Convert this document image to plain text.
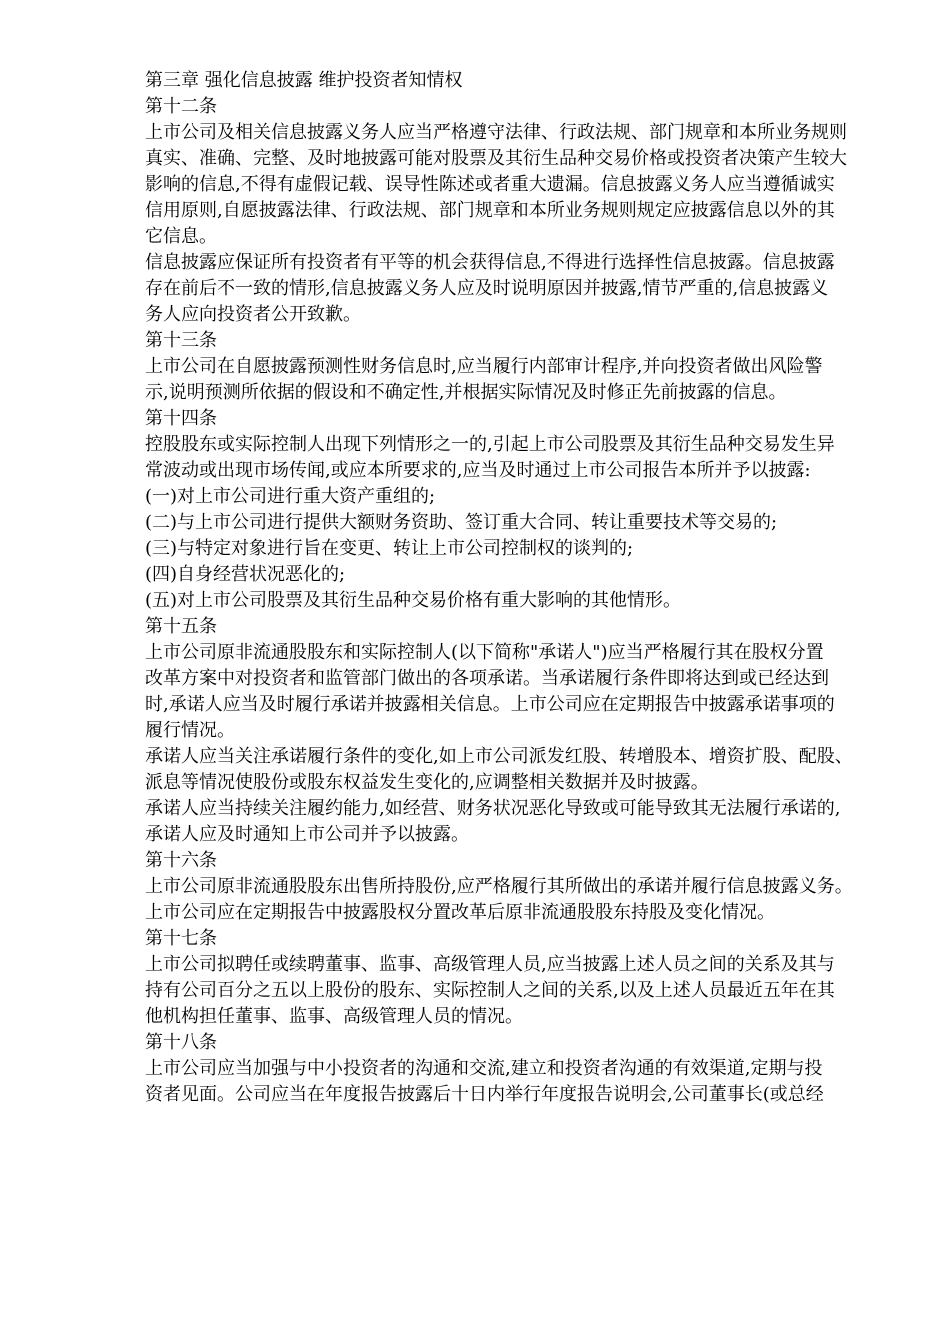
第三章 强化信息披露 维护投资者知情权
第十二条
上市公司及相关信息披露义务人应当严格遵守法律、行政法规、部门规章和本所业务规则
真实、准确、完整、及时地披露可能对股票及其衍生品种交易价格或投资者决策产生较大
影响的信息,不得有虚假记载、误导性陈述或者重大遗漏。信息披露义务人应当遵循诚实
信用原则,自愿披露法律、行政法规、部门规章和本所业务规则规定应披露信息以外的其
它信息。
信息披露应保证所有投资者有平等的机会获得信息,不得进行选择性信息披露。信息披露
存在前后不一致的情形,信息披露义务人应及时说明原因并披露,情节严重的,信息披露义
务人应向投资者公开致歉。
第十三条
上市公司在自愿披露预测性财务信息时,应当履行内部审计程序,并向投资者做出风险警
示,说明预测所依据的假设和不确定性,并根据实际情况及时修正先前披露的信息。
第十四条
控股股东或实际控制人出现下列情形之一的,引起上市公司股票及其衍生品种交易发生异
常波动或出现市场传闻,或应本所要求的,应当及时通过上市公司报告本所并予以披露:
(一)对上市公司进行重大资产重组的;
(二)与上市公司进行提供大额财务资助、签订重大合同、转让重要技术等交易的;
(三)与特定对象进行旨在变更、转让上市公司控制权的谈判的;
(四)自身经营状况恶化的;
(五)对上市公司股票及其衍生品种交易价格有重大影响的其他情形。
第十五条
上市公司原非流通股股东和实际控制人(以下简称"承诺人")应当严格履行其在股权分置
改革方案中对投资者和监管部门做出的各项承诺。当承诺履行条件即将达到或已经达到
时,承诺人应当及时履行承诺并披露相关信息。上市公司应在定期报告中披露承诺事项的
履行情况。
承诺人应当关注承诺履行条件的变化,如上市公司派发红股、转增股本、增资扩股、配股、
派息等情况使股份或股东权益发生变化的,应调整相关数据并及时披露。
承诺人应当持续关注履约能力,如经营、财务状况恶化导致或可能导致其无法履行承诺的,
承诺人应及时通知上市公司并予以披露。
第十六条
上市公司原非流通股股东出售所持股份,应严格履行其所做出的承诺并履行信息披露义务。
上市公司应在定期报告中披露股权分置改革后原非流通股股东持股及变化情况。
第十七条
上市公司拟聘任或续聘董事、监事、高级管理人员,应当披露上述人员之间的关系及其与
持有公司百分之五以上股份的股东、实际控制人之间的关系,以及上述人员最近五年在其
他机构担任董事、监事、高级管理人员的情况。
第十八条
上市公司应当加强与中小投资者的沟通和交流,建立和投资者沟通的有效渠道,定期与投
资者见面。公司应当在年度报告披露后十日内举行年度报告说明会,公司董事长(或总经
